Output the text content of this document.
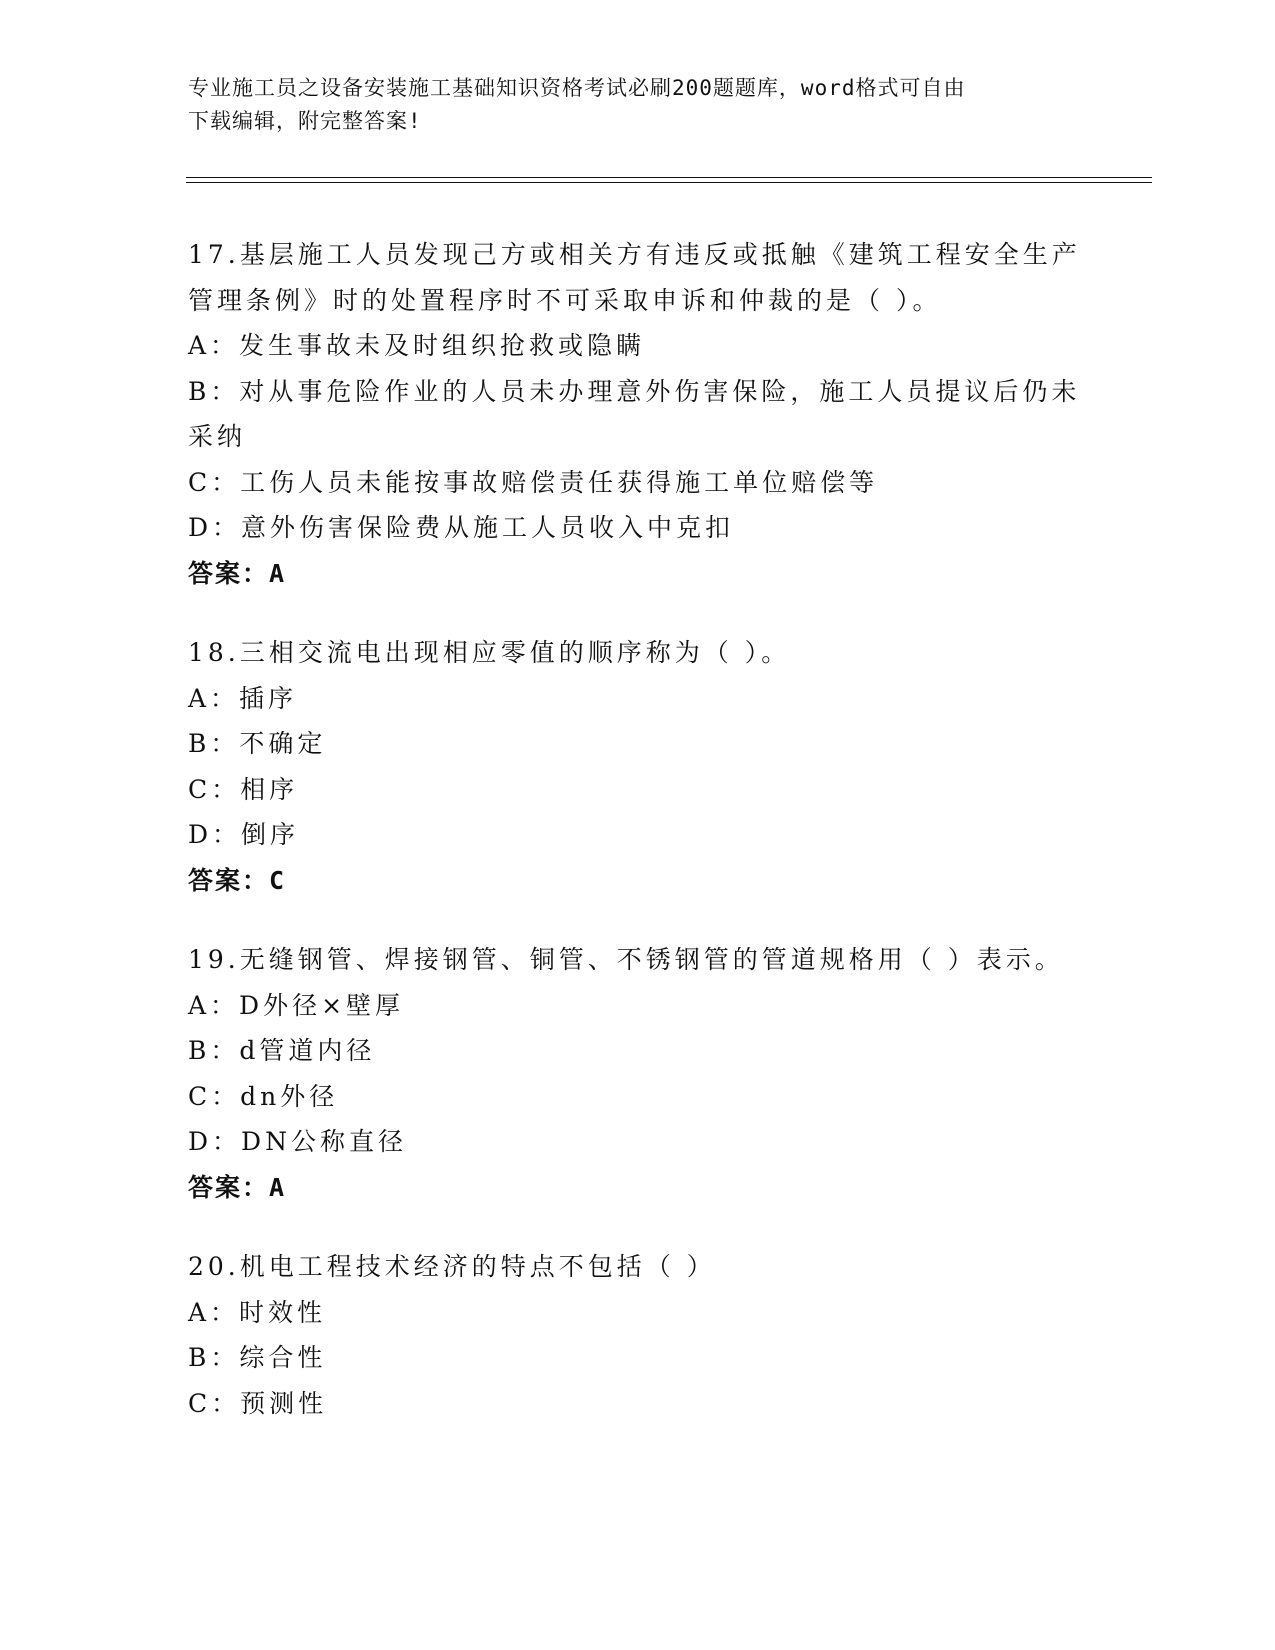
专业施工员之设备安装施工基础知识资格考试必刷200题题库，word格式可自由
下载编辑，附完整答案!
17.基层施工人员发现己方或相关方有违反或抵触《建筑工程安全生产
管理条例》时的处置程序时不可采取申诉和仲裁的是（ ）。
A：发生事故未及时组织抢救或隐瞒
B：对从事危险作业的人员未办理意外伤害保险，施工人员提议后仍未
采纳
C：工伤人员未能按事故赔偿责任获得施工单位赔偿等
D：意外伤害保险费从施工人员收入中克扣
答案：A
18.三相交流电出现相应零值的顺序称为（ ）。
A：插序
B：不确定
C：相序
D：倒序
答案：C
19.无缝钢管、焊接钢管、铜管、不锈钢管的管道规格用（ ）表示。
A：D外径×壁厚
B：d管道内径
C：dn外径
D：DN公称直径
答案：A
20.机电工程技术经济的特点不包括（ ）
A：时效性
B：综合性
C：预测性
